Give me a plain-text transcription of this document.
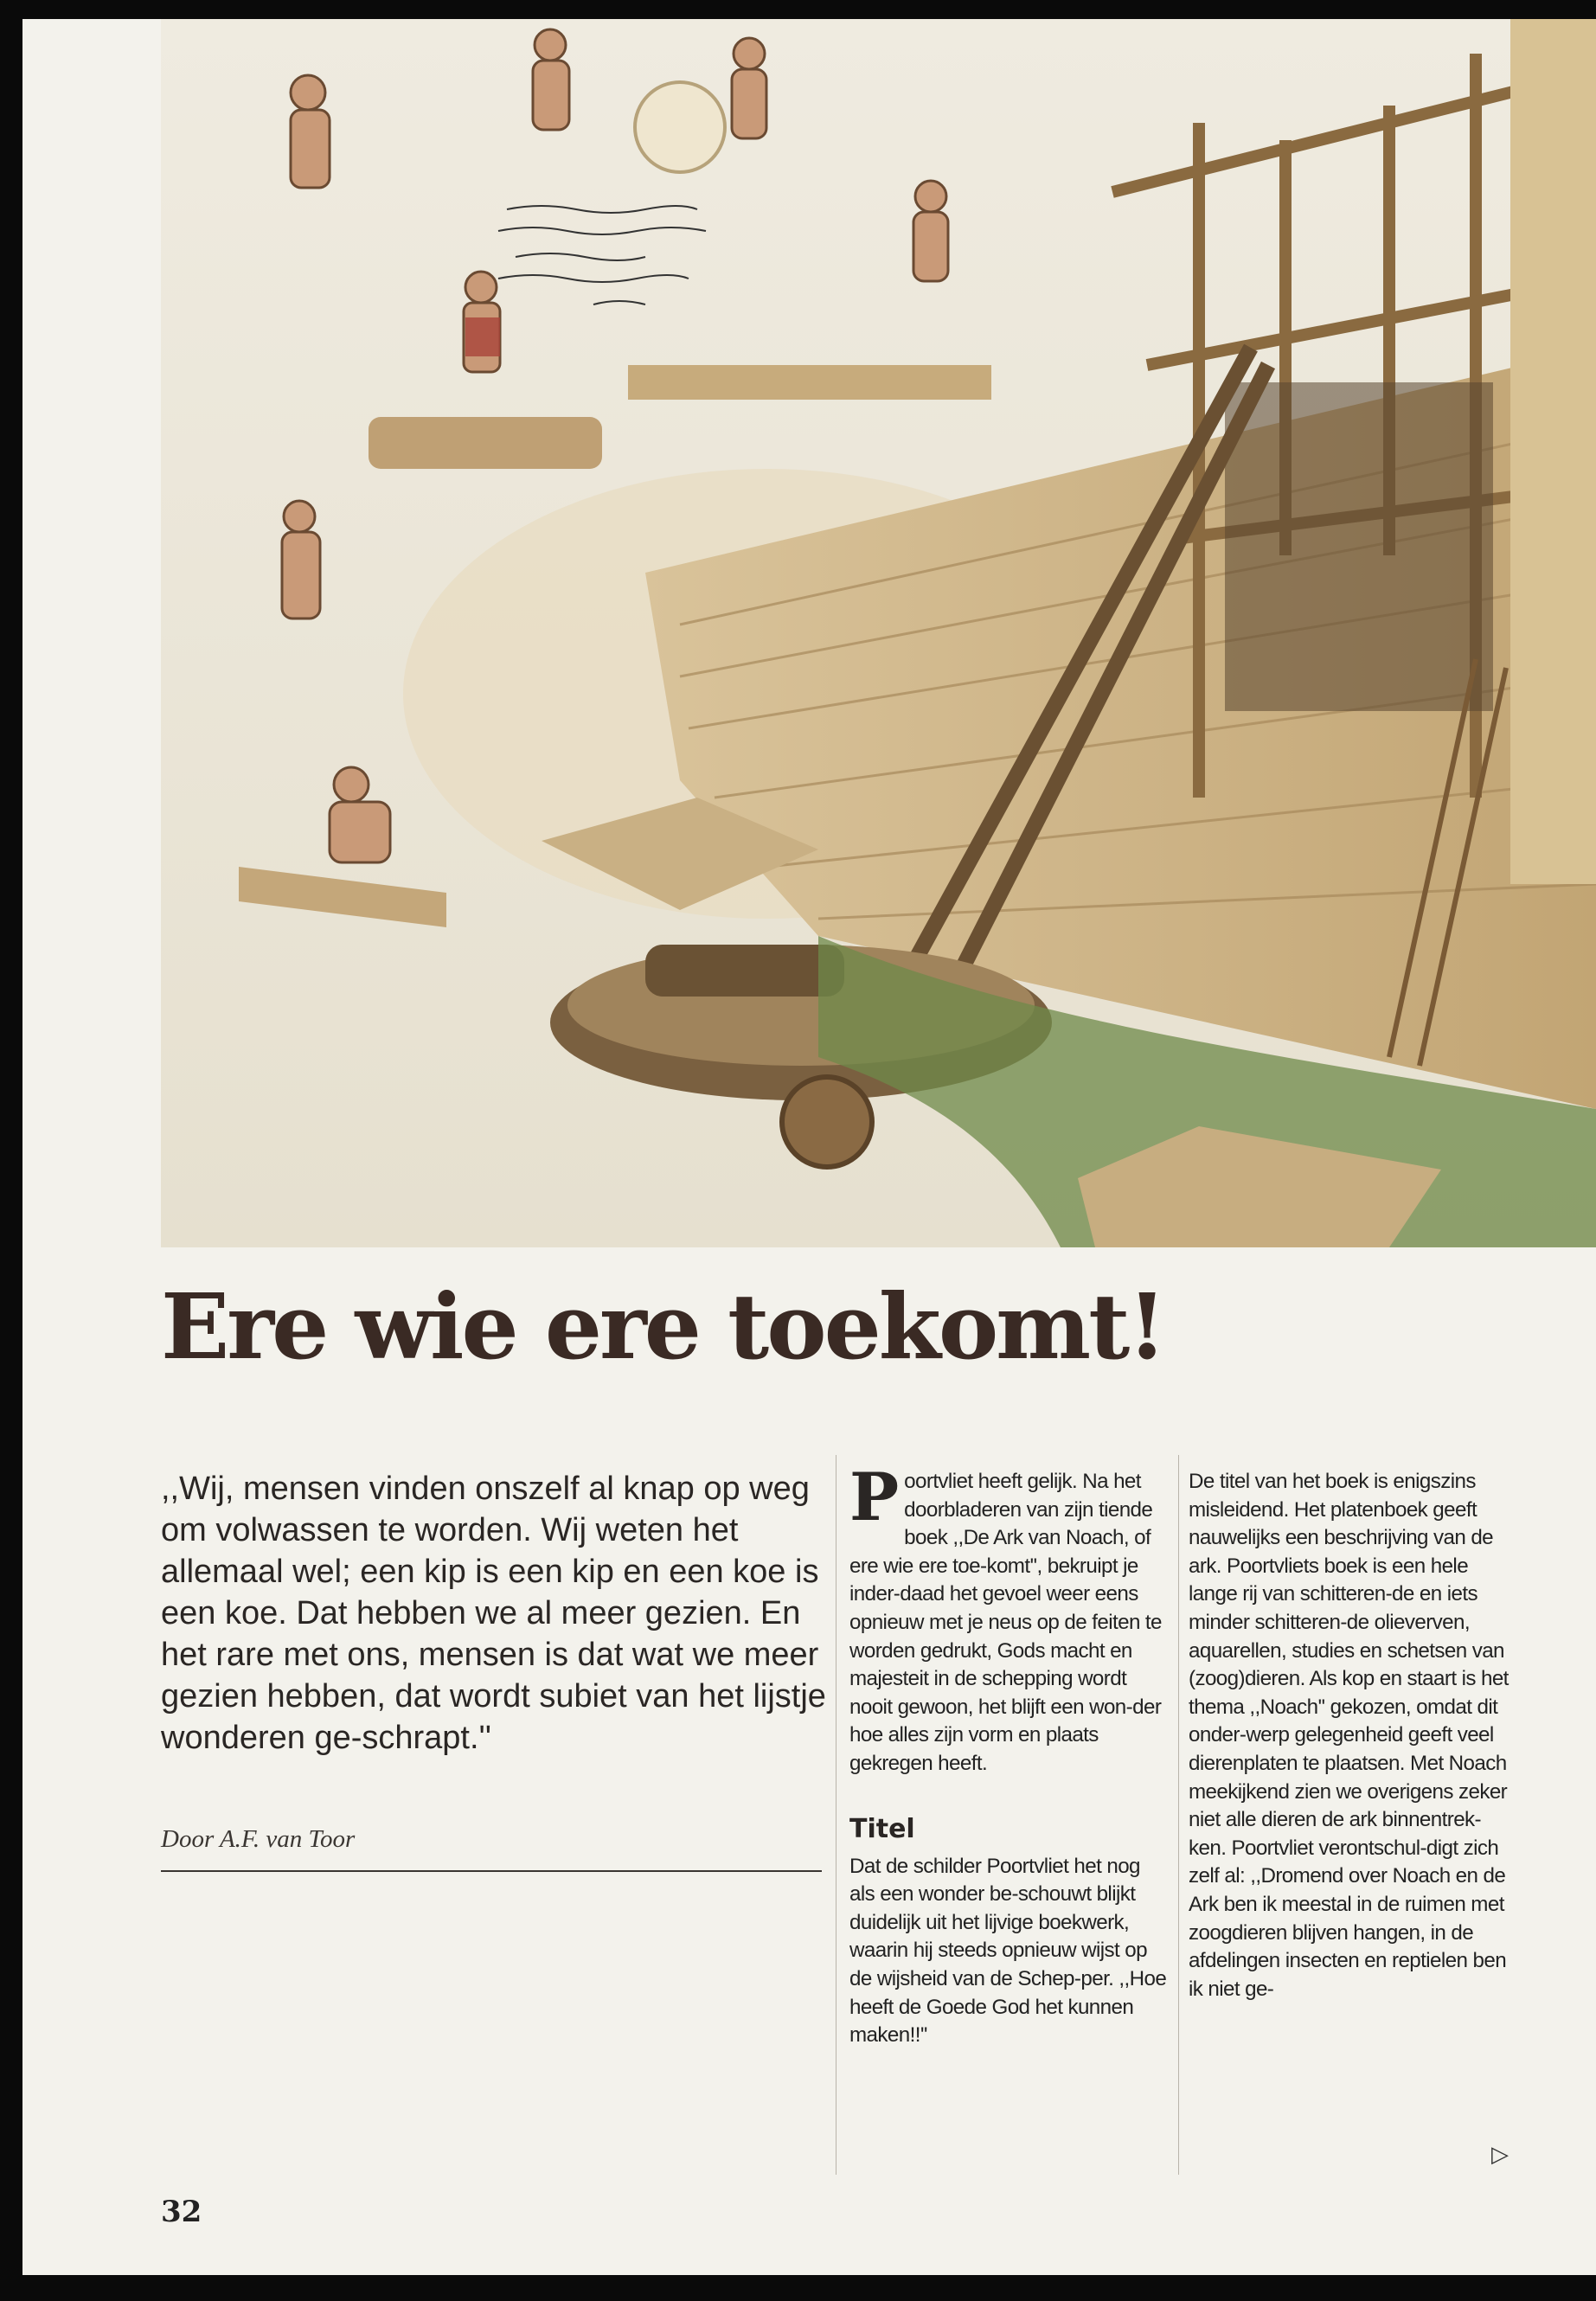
Ere wie ere toekomt!

,,Wij, mensen vinden onszelf al knap op weg om volwassen te worden. Wij weten het allemaal wel; een kip is een kip en een koe is een koe. Dat hebben we al meer gezien. En het rare met ons, mensen is dat wat we meer gezien hebben, dat wordt subiet van het lijstje wonderen ge-schrapt.''

Door A.F. van Toor
P oortvliet heeft gelijk. Na het doorbladeren van zijn tiende boek ,,De Ark van Noach, of ere wie ere toe-komt'', bekruipt je inder-daad het gevoel weer eens opnieuw met je neus op de feiten te worden gedrukt, Gods macht en majesteit in de schepping wordt nooit gewoon, het blijft een won-der hoe alles zijn vorm en plaats gekregen heeft.

Titel

Dat de schilder Poortvliet het nog als een wonder be-schouwt blijkt duidelijk uit het lijvige boekwerk, waarin hij steeds opnieuw wijst op de wijsheid van de Schep-per. ,,Hoe heeft de Goede God het kunnen maken!!''

De titel van het boek is enigszins misleidend. Het platenboek geeft nauwelijks een beschrijving van de ark. Poortvliets boek is een hele lange rij van schitteren-de en iets minder schitteren-de olieverven, aquarellen, studies en schetsen van (zoog)dieren. Als kop en staart is het thema ,,Noach'' gekozen, omdat dit onder-werp gelegenheid geeft veel dierenplaten te plaatsen. Met Noach meekijkend zien we overigens zeker niet alle dieren de ark binnentrek-ken. Poortvliet verontschul-digt zich zelf al: ,,Dromend over Noach en de Ark ben ik meestal in de ruimen met zoogdieren blijven hangen, in de afdelingen insecten en reptielen ben ik niet ge-

▷
32
